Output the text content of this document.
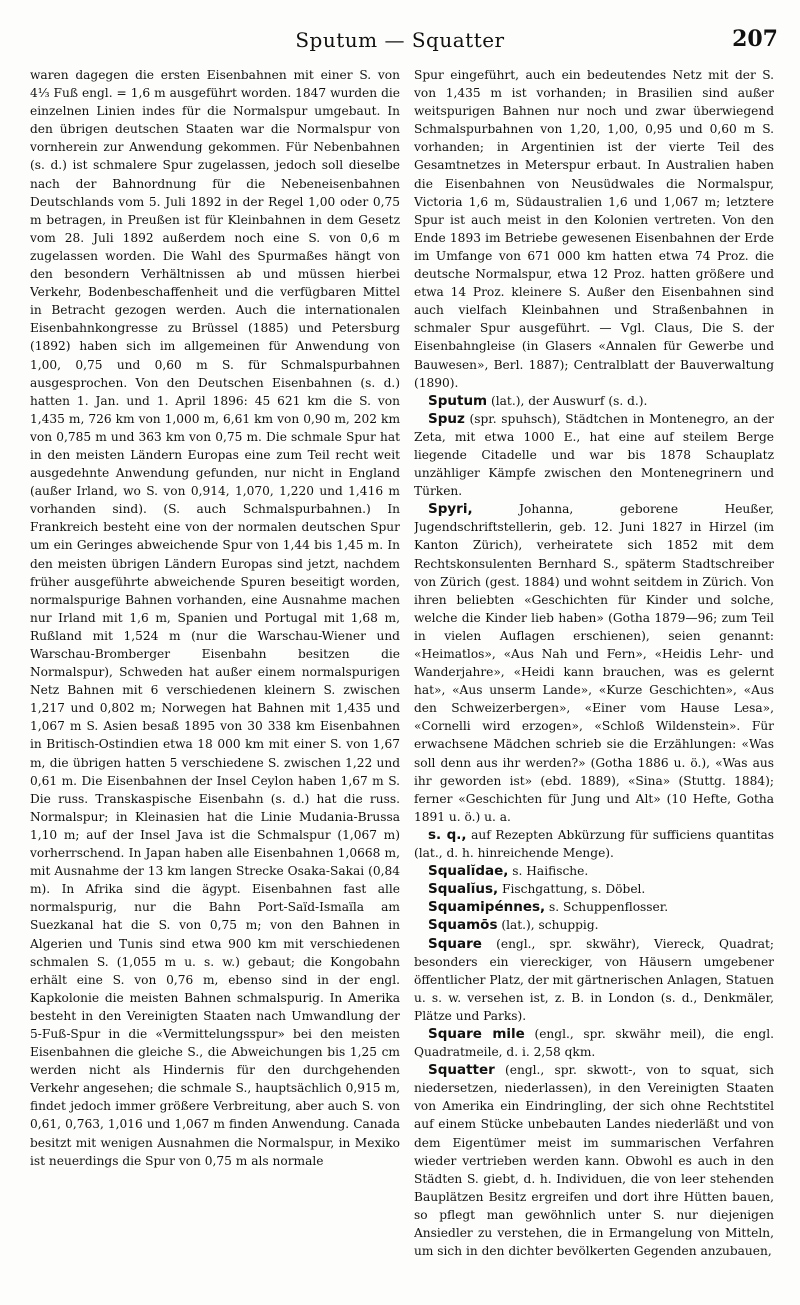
Sputum — Squatter	207

waren dagegen die ersten Eisenbahnen mit einer S. von 4⅓ Fuß engl. = 1,6 m ausgeführt worden. 1847 wurden die einzelnen Linien indes für die Normalspur umgebaut. In den übrigen deutschen Staaten war die Normalspur von vornherein zur Anwendung gekommen. Für Nebenbahnen (s. d.) ist schmalere Spur zugelassen, jedoch soll dieselbe nach der Bahnordnung für die Nebeneisenbahnen Deutschlands vom 5. Juli 1892 in der Regel 1,00 oder 0,75 m betragen, in Preußen ist für Kleinbahnen in dem Gesetz vom 28. Juli 1892 außerdem noch eine S. von 0,6 m zugelassen worden. Die Wahl des Spurmaßes hängt von den besondern Verhältnissen ab und müssen hierbei Verkehr, Bodenbeschaffenheit und die verfügbaren Mittel in Betracht gezogen werden. Auch die internationalen Eisenbahnkongresse zu Brüssel (1885) und Petersburg (1892) haben sich im allgemeinen für Anwendung von 1,00, 0,75 und 0,60 m S. für Schmalspurbahnen ausgesprochen. Von den Deutschen Eisenbahnen (s. d.) hatten 1. Jan. und 1. April 1896: 45 621 km die S. von 1,435 m, 726 km von 1,000 m, 6,61 km von 0,90 m, 202 km von 0,785 m und 363 km von 0,75 m. Die schmale Spur hat in den meisten Ländern Europas eine zum Teil recht weit ausgedehnte Anwendung gefunden, nur nicht in England (außer Irland, wo S. von 0,914, 1,070, 1,220 und 1,416 m vorhanden sind). (S. auch Schmalspurbahnen.) In Frankreich besteht eine von der normalen deutschen Spur um ein Geringes abweichende Spur von 1,44 bis 1,45 m. In den meisten übrigen Ländern Europas sind jetzt, nachdem früher ausgeführte abweichende Spuren beseitigt worden, normalspurige Bahnen vorhanden, eine Ausnahme machen nur Irland mit 1,6 m, Spanien und Portugal mit 1,68 m, Rußland mit 1,524 m (nur die Warschau-Wiener und Warschau-Bromberger Eisenbahn besitzen die Normalspur), Schweden hat außer einem normalspurigen Netz Bahnen mit 6 verschiedenen kleinern S. zwischen 1,217 und 0,802 m; Norwegen hat Bahnen mit 1,435 und 1,067 m S. Asien besaß 1895 von 30 338 km Eisenbahnen in Britisch-Ostindien etwa 18 000 km mit einer S. von 1,67 m, die übrigen hatten 5 verschiedene S. zwischen 1,22 und 0,61 m. Die Eisenbahnen der Insel Ceylon haben 1,67 m S. Die russ. Transkaspische Eisenbahn (s. d.) hat die russ. Normalspur; in Kleinasien hat die Linie Mudania-Brussa 1,10 m; auf der Insel Java ist die Schmalspur (1,067 m) vorherrschend. In Japan haben alle Eisenbahnen 1,0668 m, mit Ausnahme der 13 km langen Strecke Osaka-Sakai (0,84 m). In Afrika sind die ägypt. Eisenbahnen fast alle normalspurig, nur die Bahn Port-Saïd-Ismaïla am Suezkanal hat die S. von 0,75 m; von den Bahnen in Algerien und Tunis sind etwa 900 km mit verschiedenen schmalen S. (1,055 m u. s. w.) gebaut; die Kongobahn erhält eine S. von 0,76 m, ebenso sind in der engl. Kapkolonie die meisten Bahnen schmalspurig. In Amerika besteht in den Vereinigten Staaten nach Umwandlung der 5-Fuß-Spur in die «Vermittelungsspur» bei den meisten Eisenbahnen die gleiche S., die Abweichungen bis 1,25 cm werden nicht als Hindernis für den durchgehenden Verkehr angesehen; die schmale S., hauptsächlich 0,915 m, findet jedoch immer größere Verbreitung, aber auch S. von 0,61, 0,763, 1,016 und 1,067 m finden Anwendung. Canada besitzt mit wenigen Ausnahmen die Normalspur, in Mexiko ist neuerdings die Spur von 0,75 m als normale

Spur eingeführt, auch ein bedeutendes Netz mit der S. von 1,435 m ist vorhanden; in Brasilien sind außer weitspurigen Bahnen nur noch und zwar überwiegend Schmalspurbahnen von 1,20, 1,00, 0,95 und 0,60 m S. vorhanden; in Argentinien ist der vierte Teil des Gesamtnetzes in Meterspur erbaut. In Australien haben die Eisenbahnen von Neusüdwales die Normalspur, Victoria 1,6 m, Südaustralien 1,6 und 1,067 m; letztere Spur ist auch meist in den Kolonien vertreten. Von den Ende 1893 im Betriebe gewesenen Eisenbahnen der Erde im Umfange von 671 000 km hatten etwa 74 Proz. die deutsche Normalspur, etwa 12 Proz. hatten größere und etwa 14 Proz. kleinere S. Außer den Eisenbahnen sind auch vielfach Kleinbahnen und Straßenbahnen in schmaler Spur ausgeführt. — Vgl. Claus, Die S. der Eisenbahngleise (in Glasers «Annalen für Gewerbe und Bauwesen», Berl. 1887); Centralblatt der Bauverwaltung (1890).

Sputum (lat.), der Auswurf (s. d.).

Spuz (spr. spuhsch), Städtchen in Montenegro, an der Zeta, mit etwa 1000 E., hat eine auf steilem Berge liegende Citadelle und war bis 1878 Schauplatz unzähliger Kämpfe zwischen den Montenegrinern und Türken.

Spyri, Johanna, geborene Heußer, Jugendschriftstellerin, geb. 12. Juni 1827 in Hirzel (im Kanton Zürich), verheiratete sich 1852 mit dem Rechtskonsulenten Bernhard S., späterm Stadtschreiber von Zürich (gest. 1884) und wohnt seitdem in Zürich. Von ihren beliebten «Geschichten für Kinder und solche, welche die Kinder lieb haben» (Gotha 1879—96; zum Teil in vielen Auflagen erschienen), seien genannt: «Heimatlos», «Aus Nah und Fern», «Heidis Lehr- und Wanderjahre», «Heidi kann brauchen, was es gelernt hat», «Aus unserm Lande», «Kurze Geschichten», «Aus den Schweizerbergen», «Einer vom Hause Lesa», «Cornelli wird erzogen», «Schloß Wildenstein». Für erwachsene Mädchen schrieb sie die Erzählungen: «Was soll denn aus ihr werden?» (Gotha 1886 u. ö.), «Was aus ihr geworden ist» (ebd. 1889), «Sina» (Stuttg. 1884); ferner «Geschichten für Jung und Alt» (10 Hefte, Gotha 1891 u. ö.) u. a.

s. q., auf Rezepten Abkürzung für sufficiens quantitas (lat., d. h. hinreichende Menge).

Squalĭdae, s. Haifische.

Squalĭus, Fischgattung, s. Döbel.

Squamipénnes, s. Schuppenflosser.

Squamōs (lat.), schuppig.

Square (engl., spr. skwähr), Viereck, Quadrat; besonders ein viereckiger, von Häusern umgebener öffentlicher Platz, der mit gärtnerischen Anlagen, Statuen u. s. w. versehen ist, z. B. in London (s. d., Denkmäler, Plätze und Parks).

Square mile (engl., spr. skwähr meil), die engl. Quadratmeile, d. i. 2,58 qkm.

Squatter (engl., spr. skwott-, von to squat, sich niedersetzen, niederlassen), in den Vereinigten Staaten von Amerika ein Eindringling, der sich ohne Rechtstitel auf einem Stücke unbebauten Landes niederläßt und von dem Eigentümer meist im summarischen Verfahren wieder vertrieben werden kann. Obwohl es auch in den Städten S. giebt, d. h. Individuen, die von leer stehenden Bauplätzen Besitz ergreifen und dort ihre Hütten bauen, so pflegt man gewöhnlich unter S. nur diejenigen Ansiedler zu verstehen, die in Ermangelung von Mitteln, um sich in den dichter bevölkerten Gegenden anzubauen,
